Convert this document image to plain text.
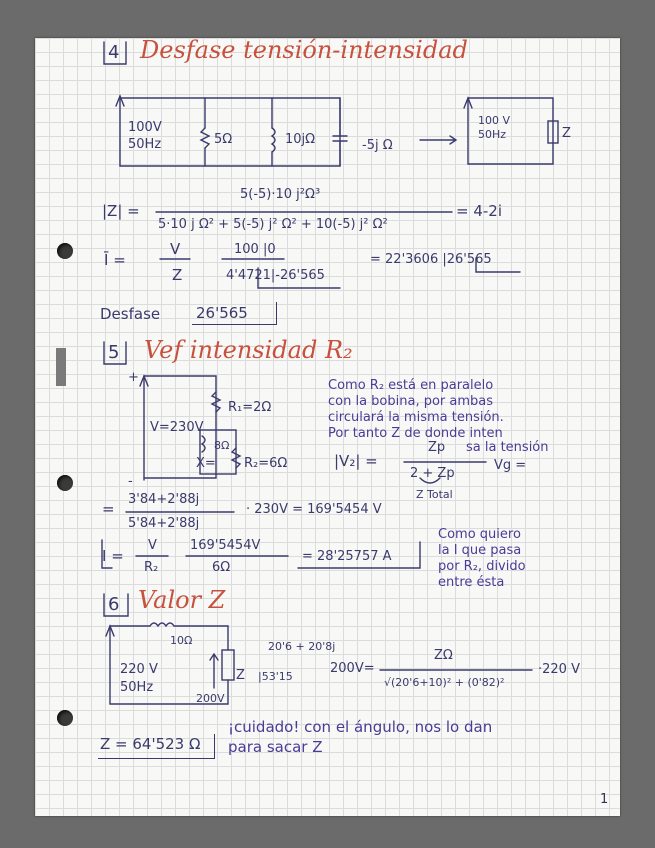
4 Desfase tensión-intensidad
100V
50Hz	5Ω	10jΩ	-5j Ω
100 V
50Hz	Z
|Z| =
5(-5)·10 j²Ω³
5·10 j Ω² + 5(-5) j² Ω² + 10(-5) j² Ω²
= 4-2i
Ī =
V
Z
100 |0
4'4721|-26'565
= 22'3606 |26'565
Desfase 26'565
5 Vef intensidad R₂
+
-
V=230V
R₁=2Ω
8Ω
X= R₂=6Ω
Como R₂ está en paralelo
con la bobina, por ambas
circulará la misma tensión.
Por tanto Z de donde inten
|V₂| =
Zp sa la tensión
2 + Zp
Vg =
Z Total
=
3'84+2'88j
5'84+2'88j
· 230V = 169'5454 V
I =
V
R₂
169'5454V
6Ω
= 28'25757 A
Como quiero
la I que pasa
por R₂, divido
entre ésta
6 Valor Z
10Ω
220 V
50Hz
200V
Z
20'6 + 20'8j
|53'15
200V=
ZΩ
√(20'6+10)² + (0'82)²
·220 V
Z = 64'523 Ω
¡cuidado! con el ángulo, nos lo dan
para sacar Z
1
